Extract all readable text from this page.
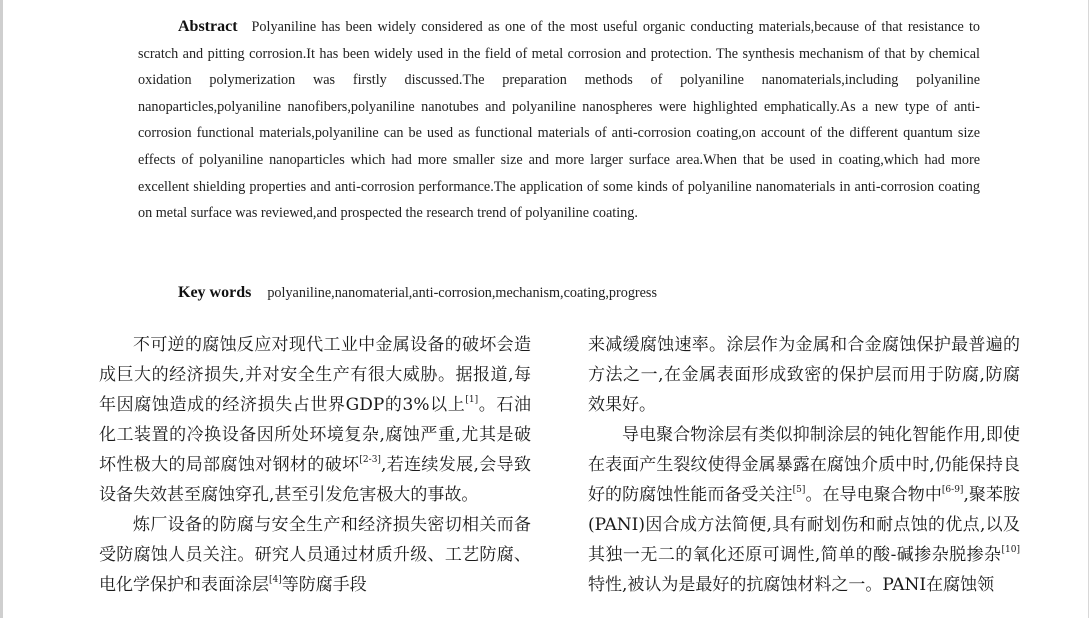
Abstract Polyaniline has been widely considered as one of the most useful organic conducting materials,because of that resistance to scratch and pitting corrosion.It has been widely used in the field of metal corrosion and protection. The synthesis mechanism of that by chemical oxidation polymerization was firstly discussed.The preparation methods of polyaniline nanomaterials,including polyaniline nanoparticles,polyaniline nanofibers,polyaniline nanotubes and polyaniline nanospheres were highlighted emphatically.As a new type of anti-corrosion functional materials,polyaniline can be used as functional materials of anti-corrosion coating,on account of the different quantum size effects of polyaniline nanoparticles which had more smaller size and more larger surface area.When that be used in coating,which had more excellent shielding properties and anti-corrosion performance.The application of some kinds of polyaniline nanomaterials in anti-corrosion coating on metal surface was reviewed,and prospected the research trend of polyaniline coating.
Key words polyaniline,nanomaterial,anti-corrosion,mechanism,coating,progress

不可逆的腐蚀反应对现代工业中金属设备的破坏会造成巨大的经济损失,并对安全生产有很大威胁。据报道,每年因腐蚀造成的经济损失占世界GDP的3%以上[1]。石油化工装置的冷换设备因所处环境复杂,腐蚀严重,尤其是破坏性极大的局部腐蚀对钢材的破坏[2-3],若连续发展,会导致设备失效甚至腐蚀穿孔,甚至引发危害极大的事故。

炼厂设备的防腐与安全生产和经济损失密切相关而备受防腐蚀人员关注。研究人员通过材质升级、工艺防腐、电化学保护和表面涂层[4]等防腐手段

来减缓腐蚀速率。涂层作为金属和合金腐蚀保护最普遍的方法之一,在金属表面形成致密的保护层而用于防腐,防腐效果好。

导电聚合物涂层有类似抑制涂层的钝化智能作用,即使在表面产生裂纹使得金属暴露在腐蚀介质中时,仍能保持良好的防腐蚀性能而备受关注[5]。在导电聚合物中[6-9],聚苯胺(PANI)因合成方法简便,具有耐划伤和耐点蚀的优点,以及其独一无二的氧化还原可调性,简单的酸-碱掺杂脱掺杂[10]特性,被认为是最好的抗腐蚀材料之一。PANI在腐蚀领
